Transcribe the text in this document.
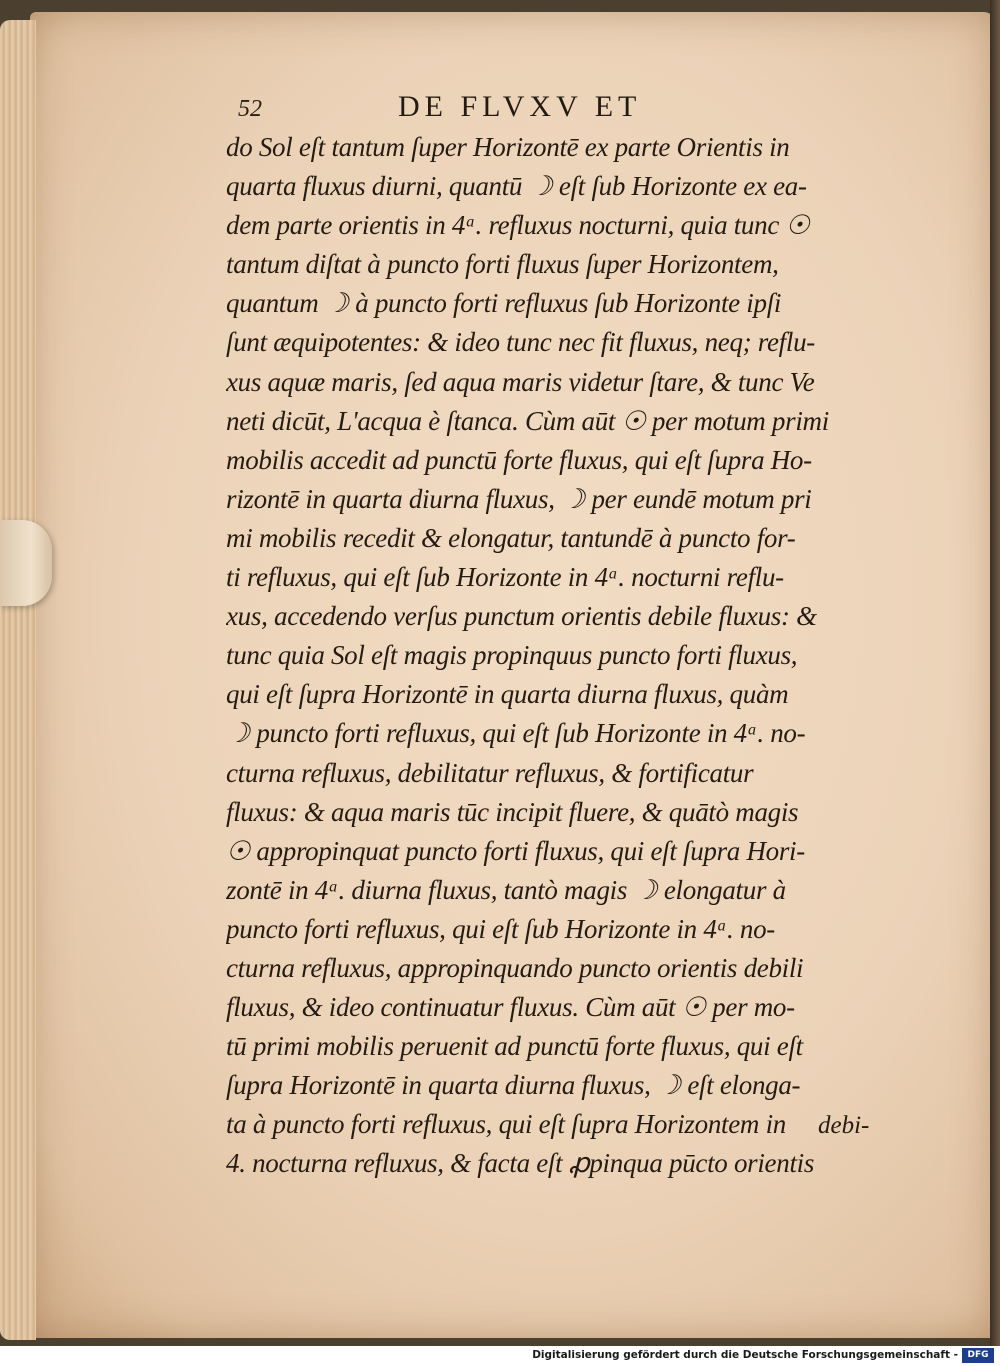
52	DE FLVXV ET
do Sol eſt tantum ſuper Horizontē ex parte Orientis in
quarta fluxus diurni, quantū ☽ eſt ſub Horizonte ex ea-
dem parte orientis in 4ᵃ. refluxus nocturni, quia tunc ☉
tantum diſtat à puncto forti fluxus ſuper Horizontem,
quantum ☽ à puncto forti refluxus ſub Horizonte ipſi
ſunt æquipotentes: & ideo tunc nec fit fluxus, neq; reflu-
xus aquæ maris, ſed aqua maris videtur ſtare, & tunc Ve
neti dicūt, L'acqua è ſtanca. Cùm aūt ☉ per motum primi
mobilis accedit ad punctū forte fluxus, qui eſt ſupra Ho-
rizontē in quarta diurna fluxus, ☽ per eundē motum pri
mi mobilis recedit & elongatur, tantundē à puncto for-
ti refluxus, qui eſt ſub Horizonte in 4ᵃ. nocturni reflu-
xus, accedendo verſus punctum orientis debile fluxus: &
tunc quia Sol eſt magis propinquus puncto forti fluxus,
qui eſt ſupra Horizontē in quarta diurna fluxus, quàm
☽ puncto forti refluxus, qui eſt ſub Horizonte in 4ᵃ. no-
cturna refluxus, debilitatur refluxus, & fortificatur
fluxus: & aqua maris tūc incipit fluere, & quātò magis
☉ appropinquat puncto forti fluxus, qui eſt ſupra Hori-
zontē in 4ᵃ. diurna fluxus, tantò magis ☽ elongatur à
puncto forti refluxus, qui eſt ſub Horizonte in 4ᵃ. no-
cturna refluxus, appropinquando puncto orientis debili
fluxus, & ideo continuatur fluxus. Cùm aūt ☉ per mo-
tū primi mobilis peruenit ad punctū forte fluxus, qui eſt
ſupra Horizontē in quarta diurna fluxus, ☽ eſt elonga-
ta à puncto forti refluxus, qui eſt ſupra Horizontem in
4. nocturna refluxus, & facta eſt ꝓpinqua pūcto orientis
debi-
Digitalisierung gefördert durch die Deutsche Forschungsgemeinschaft -	DFG
